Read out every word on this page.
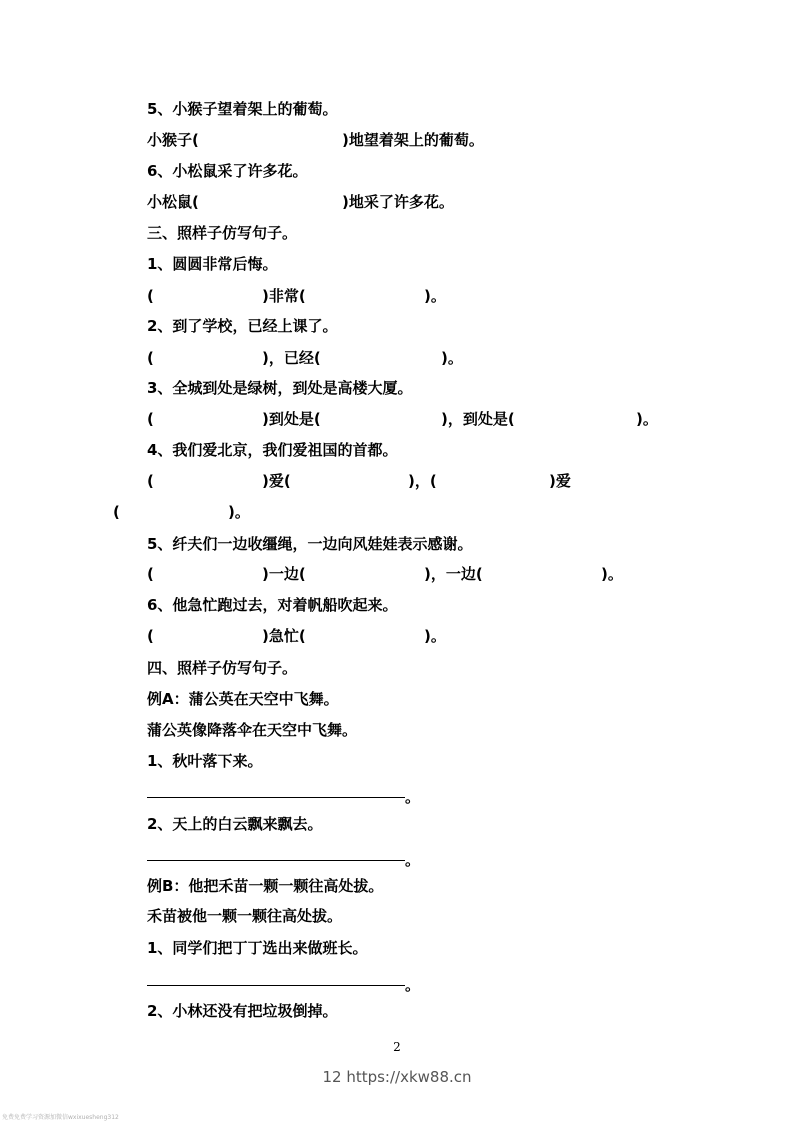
5、小猴子望着架上的葡萄。
小猴子(	)地望着架上的葡萄。
6、小松鼠采了许多花。
小松鼠(	)地采了许多花。
三、照样子仿写句子。
1、圆圆非常后悔。
(	)非常(	)。
2、到了学校，已经上课了。
(	)，已经(	)。
3、全城到处是绿树，到处是高楼大厦。
(	)到处是(	)，到处是(	)。
4、我们爱北京，我们爱祖国的首都。
(	)爱(	)，(	)爱
(	)。
5、纤夫们一边收缰绳，一边向风娃娃表示感谢。
(	)一边(	)，一边(	)。
6、他急忙跑过去，对着帆船吹起来。
(	)急忙(	)。
四、照样子仿写句子。
例A：蒲公英在天空中飞舞。
蒲公英像降落伞在天空中飞舞。
1、秋叶落下来。
2、天上的白云飘来飘去。
例B：他把禾苗一颗一颗往高处拔。
禾苗被他一颗一颗往高处拔。
1、同学们把丁丁选出来做班长。
2、小林还没有把垃圾倒掉。
。
。
。
2
12 https://xkw88.cn
免费免费学习资源加微信wxixuesheng312
